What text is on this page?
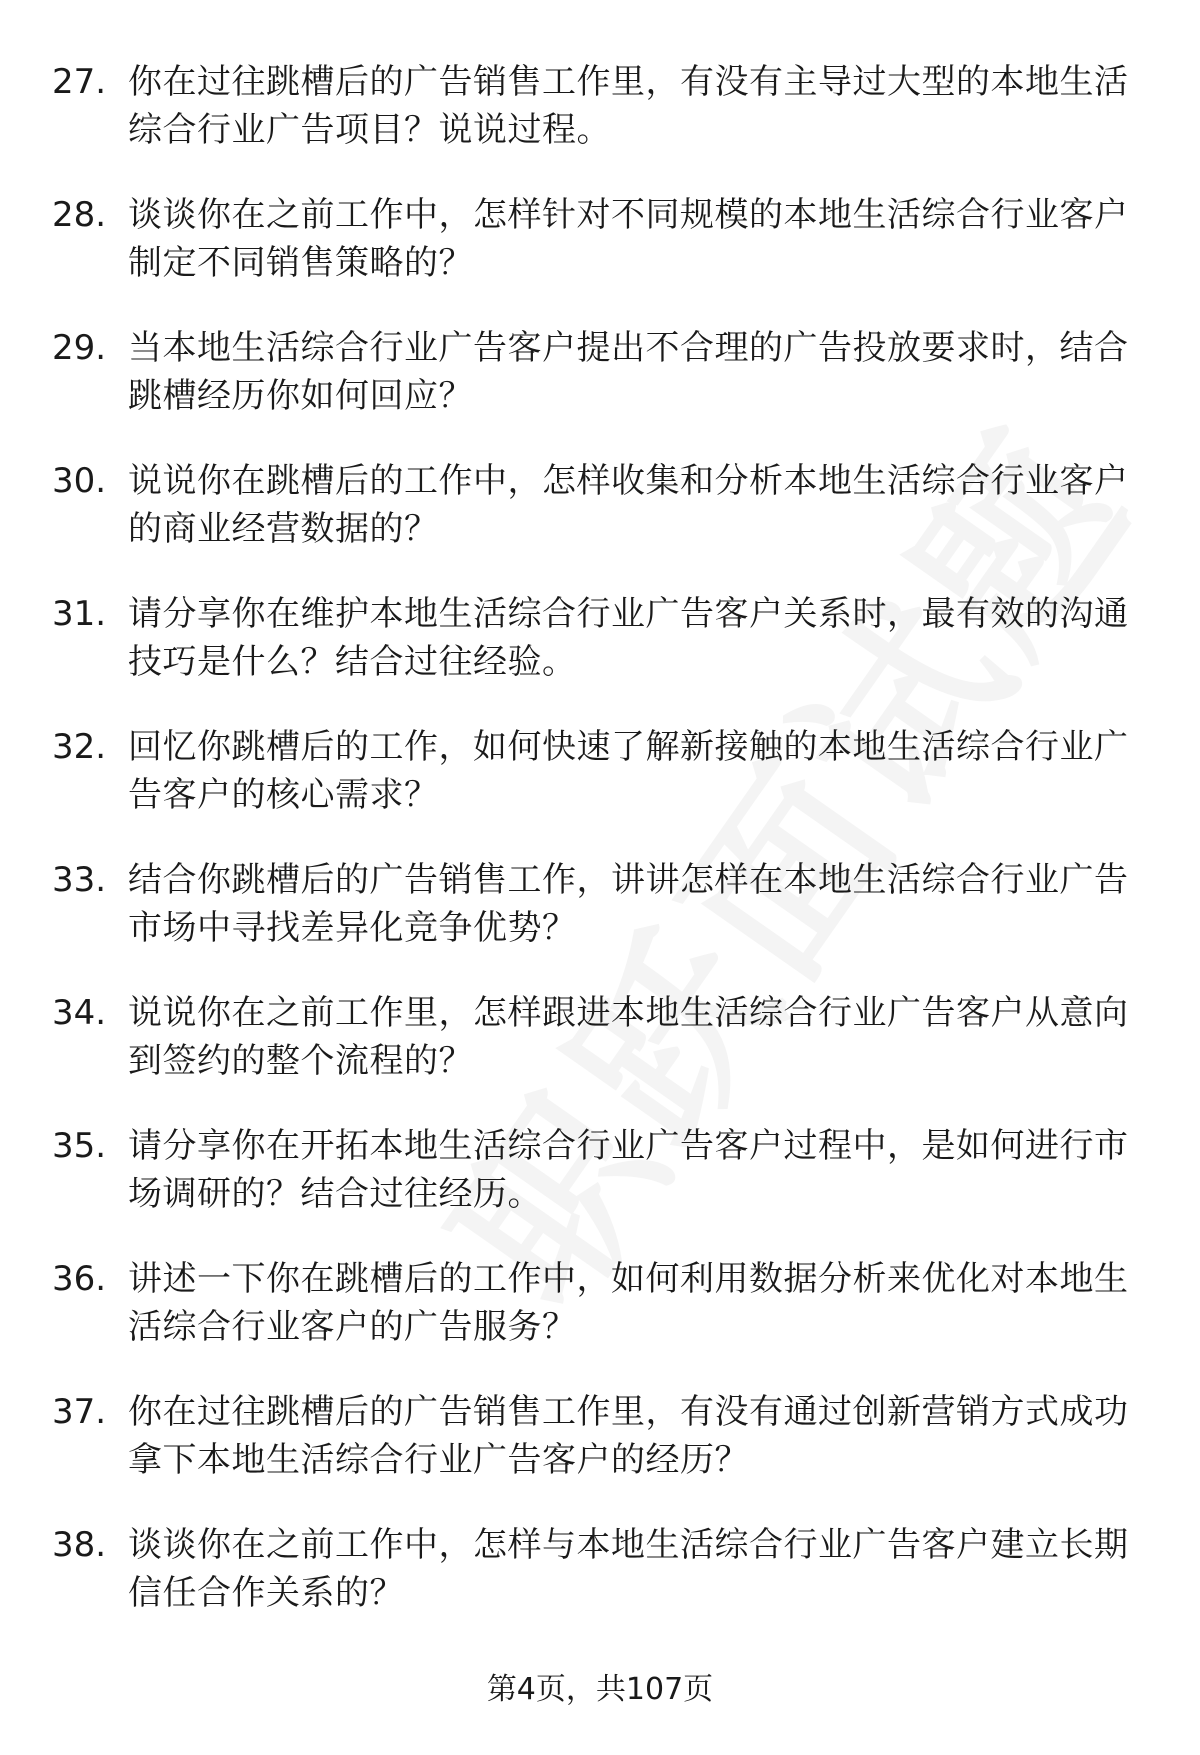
27. 你在过往跳槽后的广告销售工作里，有没有主导过大型的本地生活综合行业广告项目？说说过程。
28. 谈谈你在之前工作中，怎样针对不同规模的本地生活综合行业客户制定不同销售策略的？
29. 当本地生活综合行业广告客户提出不合理的广告投放要求时，结合跳槽经历你如何回应？
30. 说说你在跳槽后的工作中，怎样收集和分析本地生活综合行业客户的商业经营数据的？
31. 请分享你在维护本地生活综合行业广告客户关系时，最有效的沟通技巧是什么？结合过往经验。
32. 回忆你跳槽后的工作，如何快速了解新接触的本地生活综合行业广告客户的核心需求？
33. 结合你跳槽后的广告销售工作，讲讲怎样在本地生活综合行业广告市场中寻找差异化竞争优势？
34. 说说你在之前工作里，怎样跟进本地生活综合行业广告客户从意向到签约的整个流程的？
35. 请分享你在开拓本地生活综合行业广告客户过程中，是如何进行市场调研的？结合过往经历。
36. 讲述一下你在跳槽后的工作中，如何利用数据分析来优化对本地生活综合行业客户的广告服务？
37. 你在过往跳槽后的广告销售工作里，有没有通过创新营销方式成功拿下本地生活综合行业广告客户的经历？
38. 谈谈你在之前工作中，怎样与本地生活综合行业广告客户建立长期信任合作关系的？
第4页，共107页
